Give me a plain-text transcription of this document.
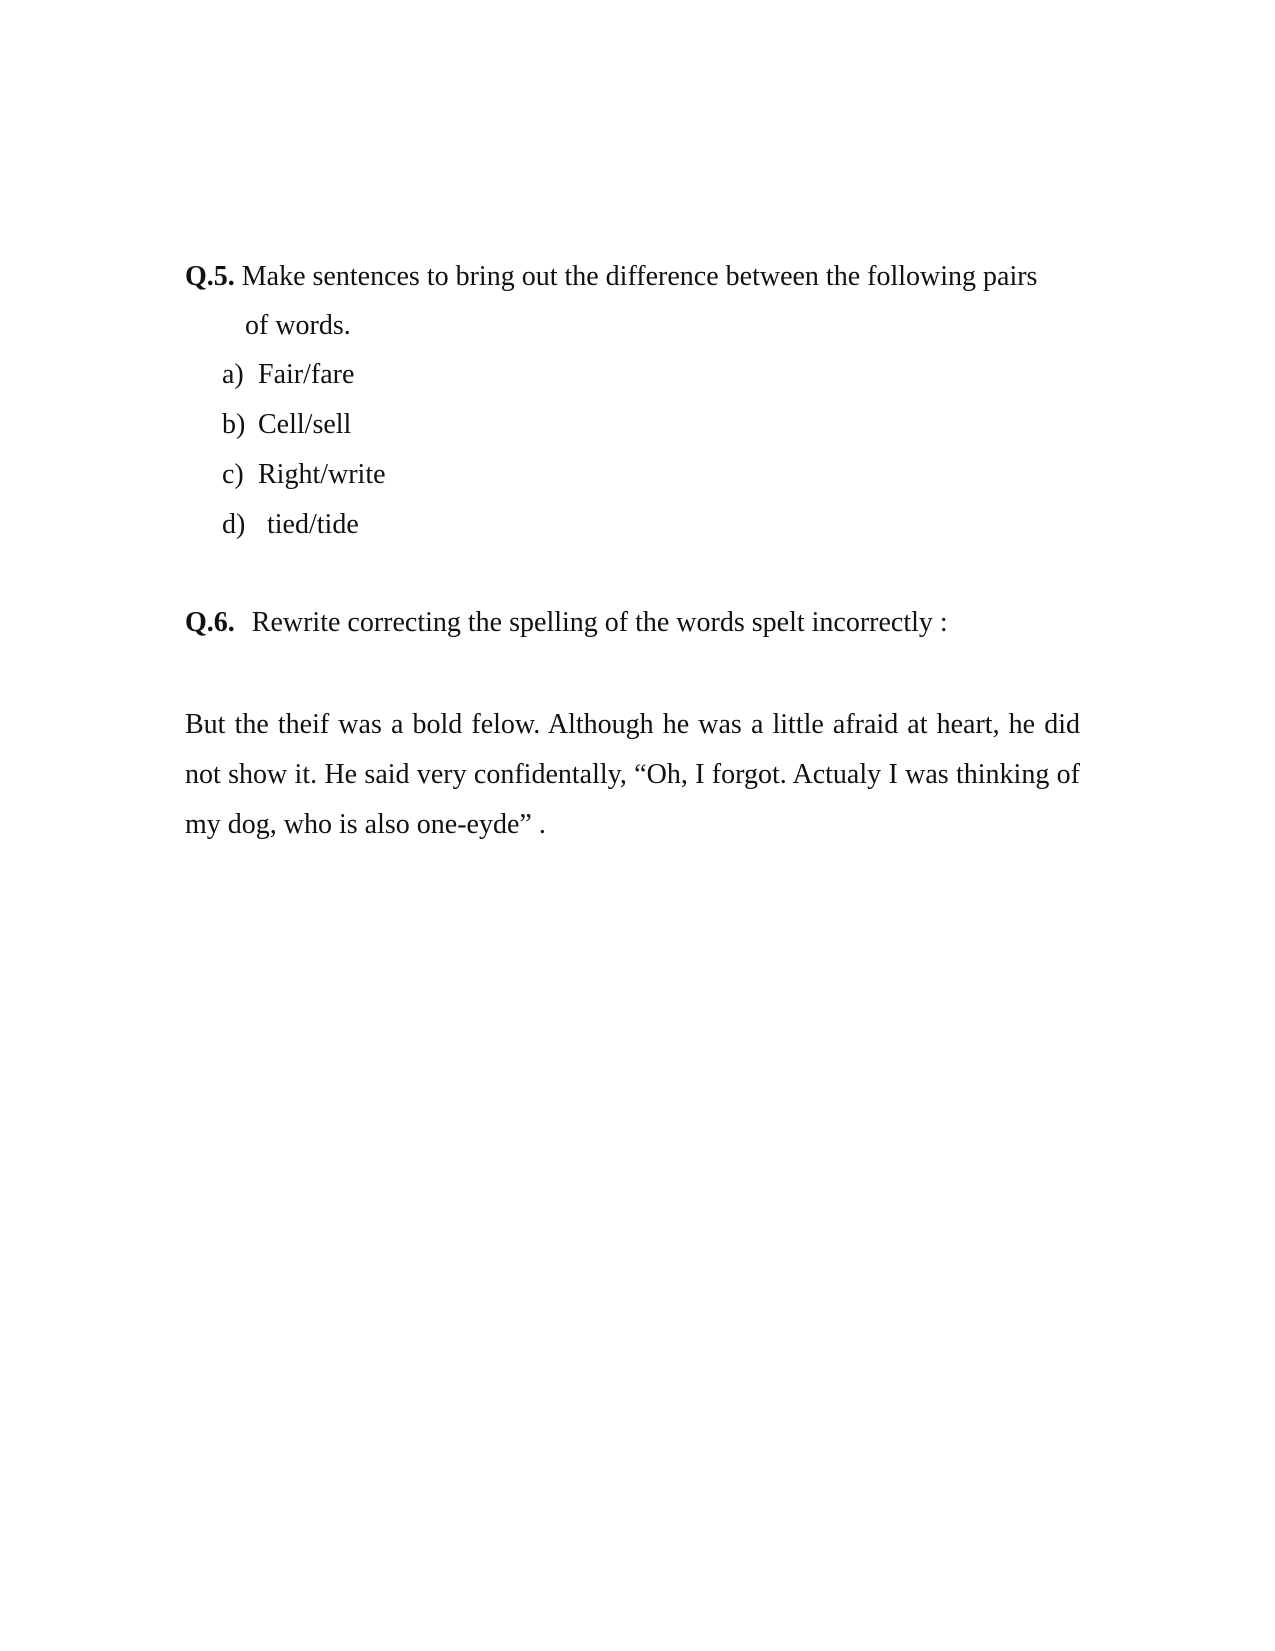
Q.5. Make sentences to bring out the difference between the following pairs
of words.
a) Fair/fare
b) Cell/sell
c) Right/write
d) tied/tide
Q.6. Rewrite correcting the spelling of the words spelt incorrectly :
But the theif was a bold felow. Although he was a little afraid at heart, he did not show it. He said very confidentally, “Oh, I forgot. Actualy I was thinking of my dog, who is also one-eyde” .
